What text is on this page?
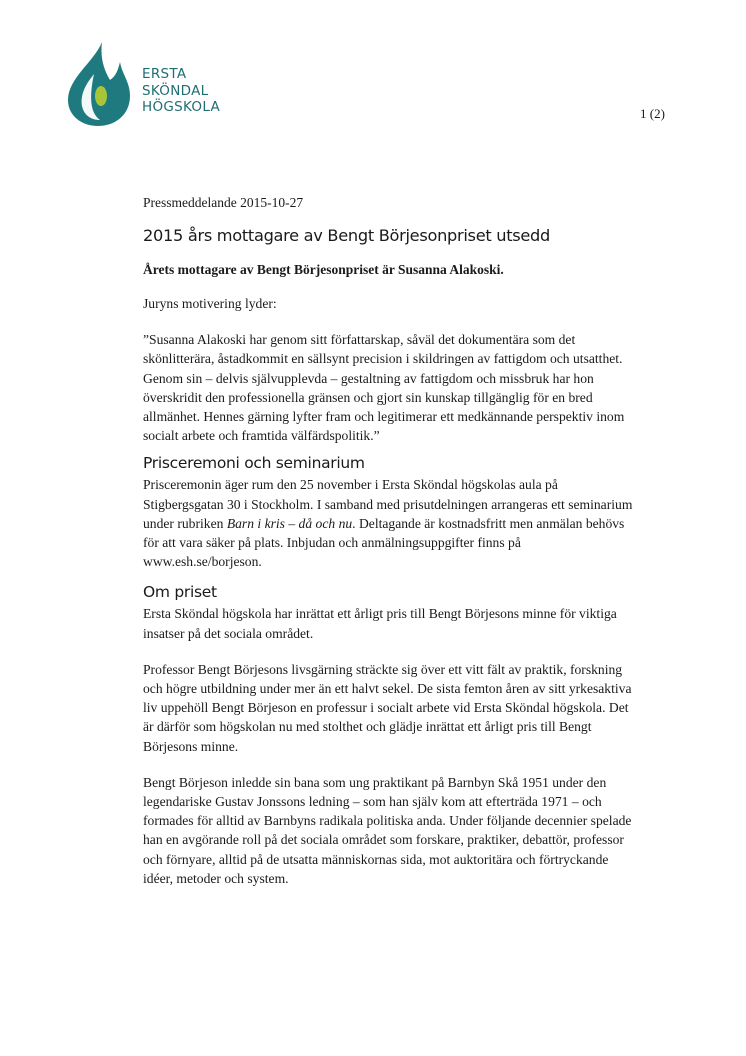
ERSTA
SKÖNDAL
HÖGSKOLA	1 (2)
Pressmeddelande 2015-10-27
2015 års mottagare av Bengt Börjesonpriset utsedd
Årets mottagare av Bengt Börjesonpriset är Susanna Alakoski.

Juryns motivering lyder:

”Susanna Alakoski har genom sitt författarskap, såväl det dokumentära som det skönlitterära, åstadkommit en sällsynt precision i skildringen av fattigdom och utsatthet. Genom sin – delvis självupplevda – gestaltning av fattigdom och missbruk har hon överskridit den professionella gränsen och gjort sin kunskap tillgänglig för en bred allmänhet. Hennes gärning lyfter fram och legitimerar ett medkännande perspektiv inom socialt arbete och framtida välfärdspolitik.”

Prisceremoni och seminarium

Prisceremonin äger rum den 25 november i Ersta Sköndal högskolas aula på Stigbergsgatan 30 i Stockholm. I samband med prisutdelningen arrangeras ett seminarium under rubriken Barn i kris – då och nu. Deltagande är kostnadsfritt men anmälan behövs för att vara säker på plats. Inbjudan och anmälningsuppgifter finns på www.esh.se/borjeson.

Om priset

Ersta Sköndal högskola har inrättat ett årligt pris till Bengt Börjesons minne för viktiga insatser på det sociala området.

Professor Bengt Börjesons livsgärning sträckte sig över ett vitt fält av praktik, forskning och högre utbildning under mer än ett halvt sekel. De sista femton åren av sitt yrkesaktiva liv uppehöll Bengt Börjeson en professur i socialt arbete vid Ersta Sköndal högskola. Det är därför som högskolan nu med stolthet och glädje inrättat ett årligt pris till Bengt Börjesons minne.

Bengt Börjeson inledde sin bana som ung praktikant på Barnbyn Skå 1951 under den legendariske Gustav Jonssons ledning – som han själv kom att efterträda 1971 – och formades för alltid av Barnbyns radikala politiska anda. Under följande decennier spelade han en avgörande roll på det sociala området som forskare, praktiker, debattör, professor och förnyare, alltid på de utsatta människornas sida, mot auktoritära och förtryckande idéer, metoder och system.
